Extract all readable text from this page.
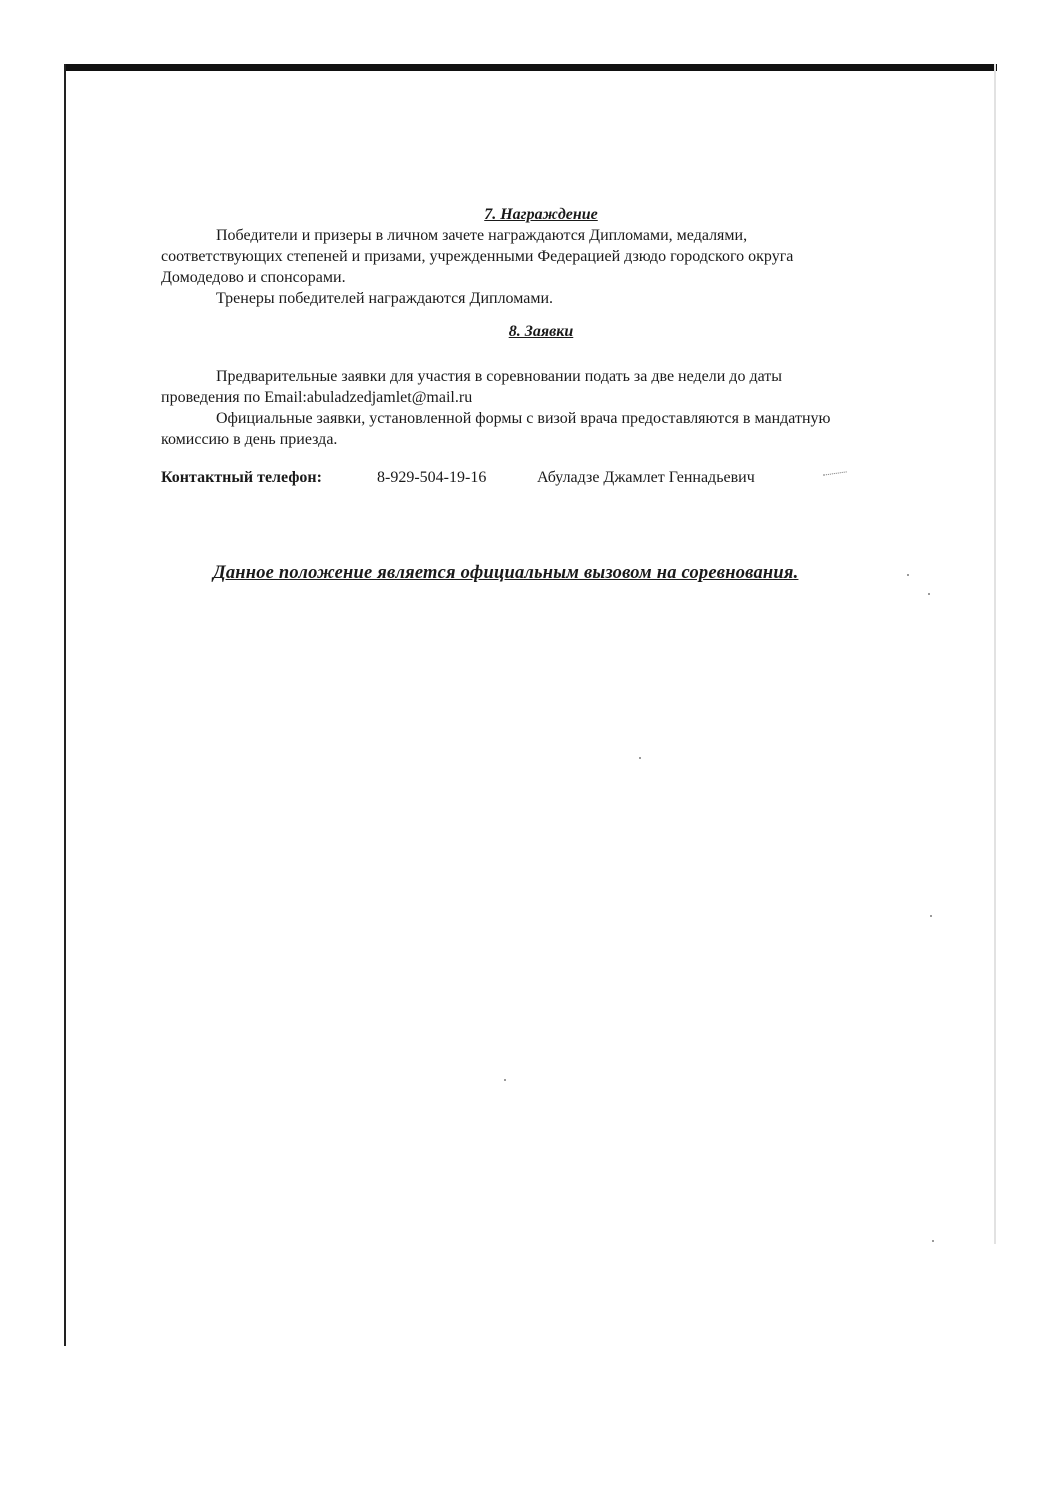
7. Награждение

Победители и призеры в личном зачете награждаются Дипломами, медалями,

соответствующих степеней и призами, учрежденными Федерацией дзюдо городского округа

Домодедово и спонсорами.

Тренеры победителей награждаются Дипломами.

8. Заявки

Предварительные заявки для участия в соревновании подать за две недели до даты

проведения по Email:abuladzedjamlet@mail.ru

Официальные заявки, установленной формы с визой врача предоставляются в мандатную

комиссию в день приезда.

Контактный телефон:	8-929-504-19-16	Абуладзе Джамлет Геннадьевич
Данное положение является официальным вызовом на соревнования.
